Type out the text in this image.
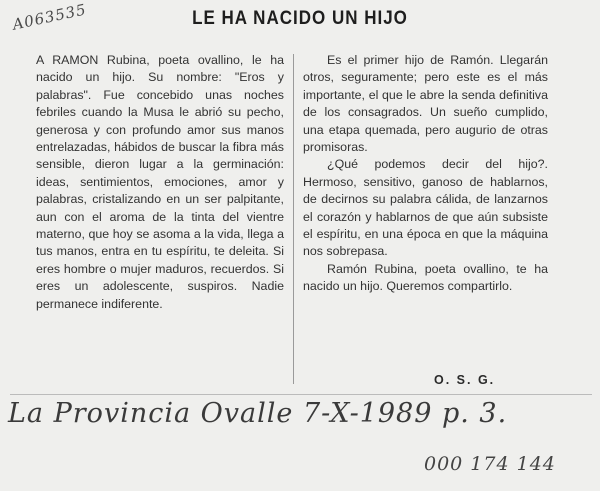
A063535	LE HA NACIDO UN HIJO

A RAMON Rubina, poeta ovallino, le ha nacido un hijo. Su nombre: "Eros y palabras". Fue concebido unas noches febriles cuando la Musa le abrió su pecho, generosa y con profundo amor sus manos entrelazadas, hábidos de buscar la fibra más sensible, dieron lugar a la germinación: ideas, sentimientos, emociones, amor y palabras, cristalizando en un ser palpitante, aun con el aroma de la tinta del vientre materno, que hoy se asoma a la vida, llega a tus manos, entra en tu espíritu, te deleita. Si eres hombre o mujer maduros, recuerdos. Si eres un adolescente, suspiros. Nadie permanece indiferente.

Es el primer hijo de Ramón. Llegarán otros, seguramente; pero este es el más importante, el que le abre la senda definitiva de los consagrados. Un sueño cumplido, una etapa quemada, pero augurio de otras promisoras.

¿Qué podemos decir del hijo?. Hermoso, sensitivo, ganoso de hablarnos, de decirnos su palabra cálida, de lanzarnos el corazón y hablarnos de que aún subsiste el espíritu, en una época en que la máquina nos sobrepasa.

Ramón Rubina, poeta ovallino, te ha nacido un hijo. Queremos compartirlo.

O. S. G.
La Provincia Ovalle 7-X-1989 p. 3.
000 174 144
